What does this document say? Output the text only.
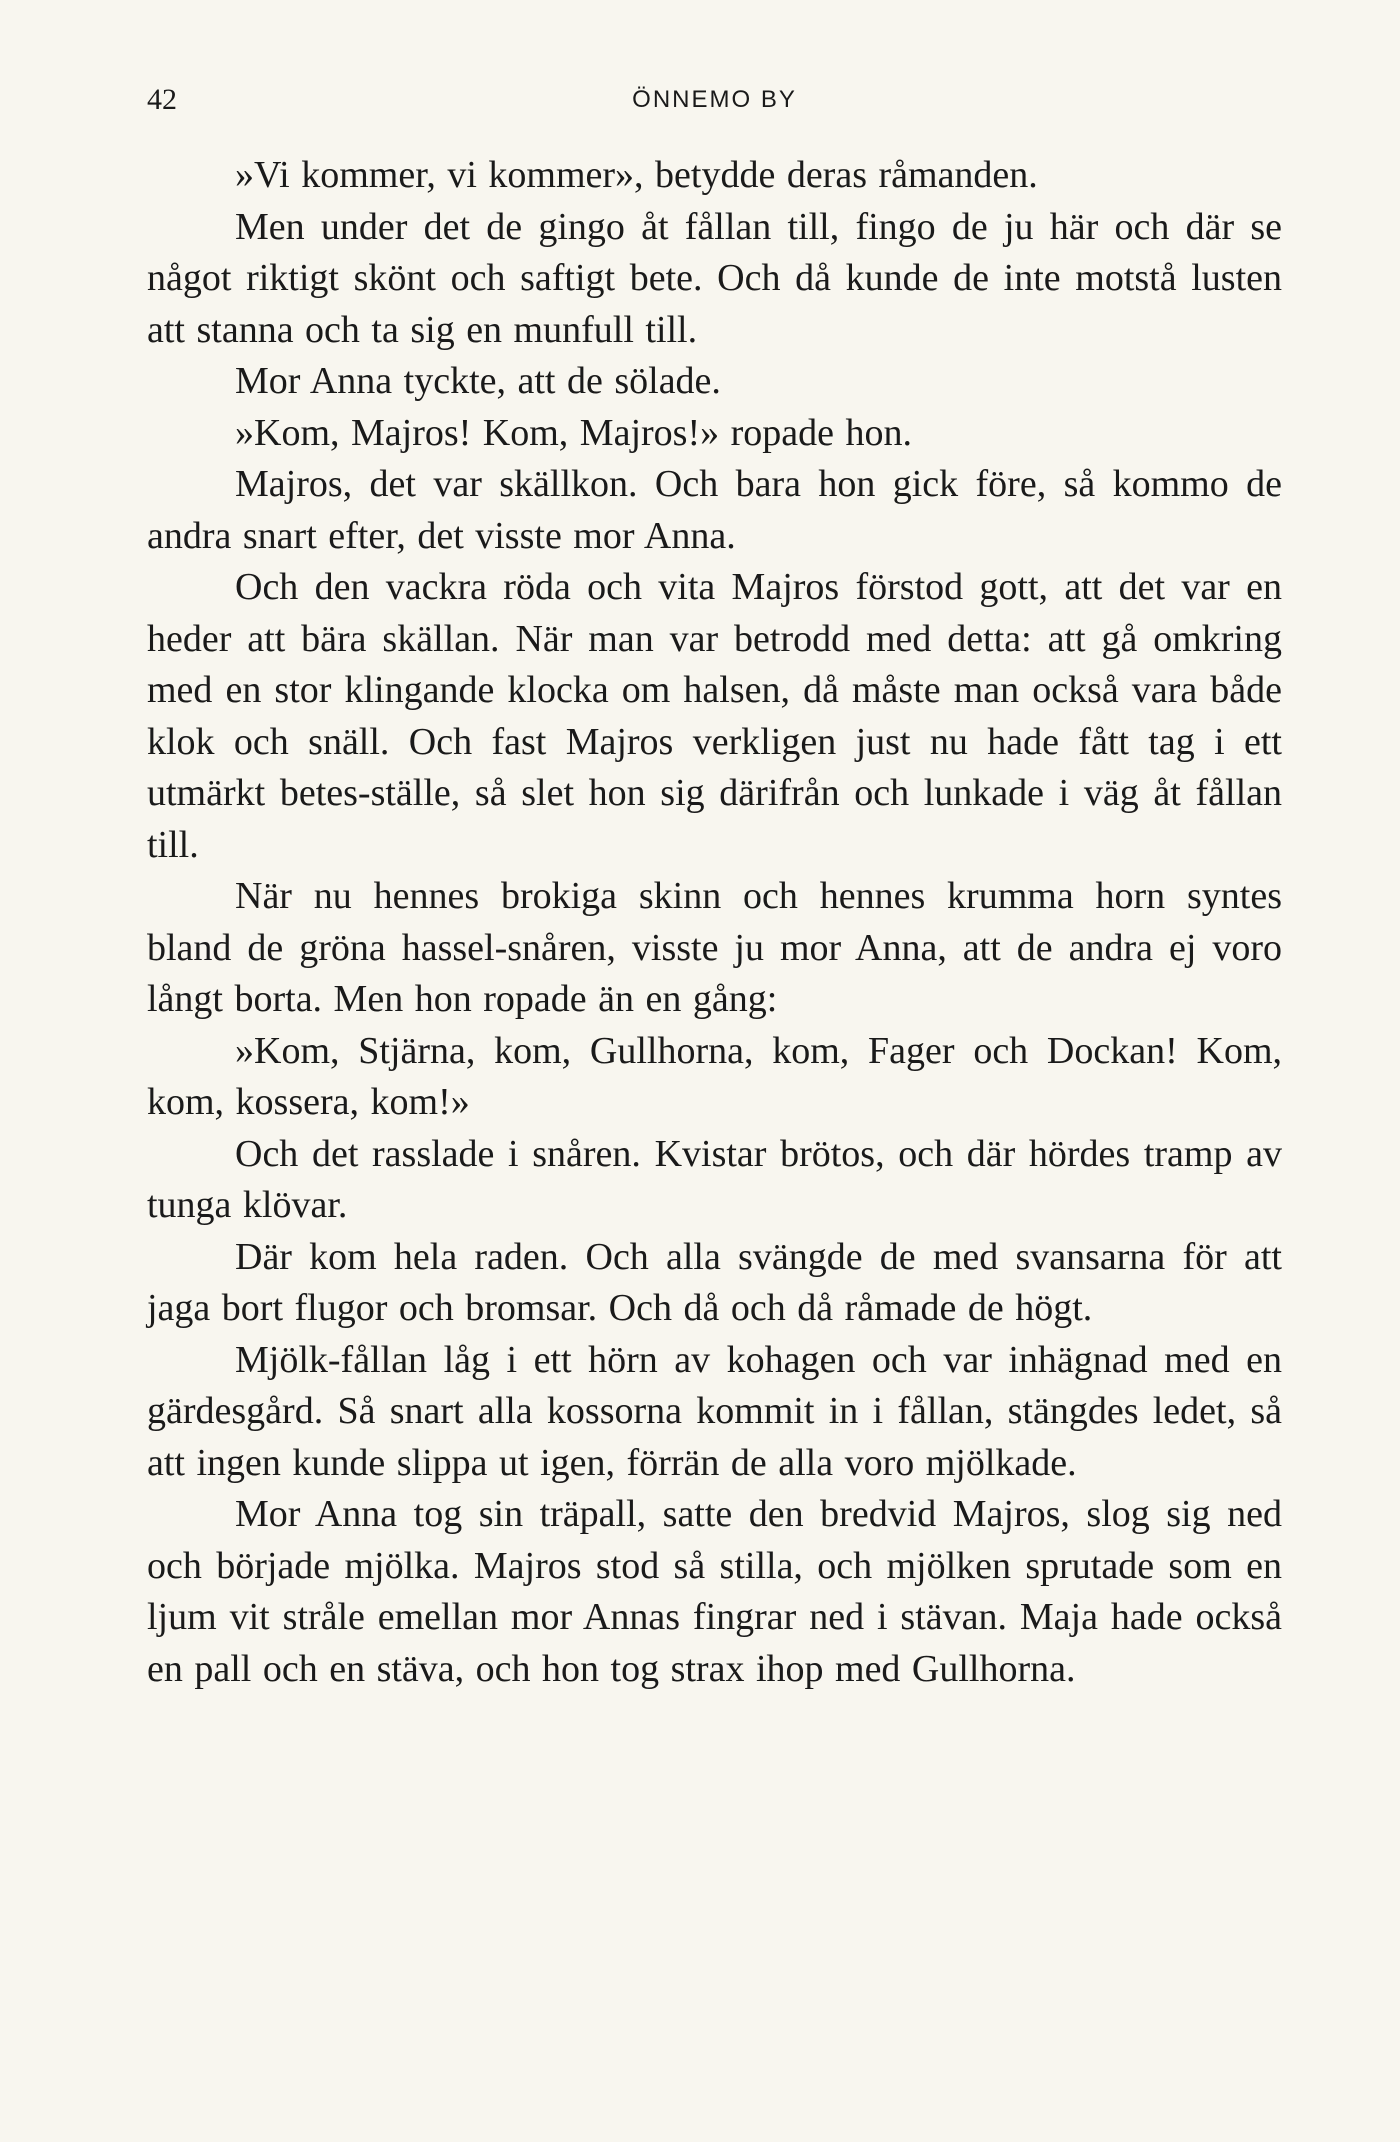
42	ÖNNEMO BY

»Vi kommer, vi kommer», betydde deras råmanden.

Men under det de gingo åt fållan till, fingo de ju här och där se något riktigt skönt och saftigt bete. Och då kunde de inte motstå lusten att stanna och ta sig en munfull till.

Mor Anna tyckte, att de sölade.

»Kom, Majros! Kom, Majros!» ropade hon.

Majros, det var skällkon. Och bara hon gick före, så kommo de andra snart efter, det visste mor Anna.

Och den vackra röda och vita Majros förstod gott, att det var en heder att bära skällan. När man var betrodd med detta: att gå omkring med en stor klingande klocka om halsen, då måste man också vara både klok och snäll. Och fast Majros verkligen just nu hade fått tag i ett utmärkt betes-ställe, så slet hon sig därifrån och lunkade i väg åt fållan till.

När nu hennes brokiga skinn och hennes krumma horn syntes bland de gröna hassel-snåren, visste ju mor Anna, att de andra ej voro långt borta. Men hon ropade än en gång:

»Kom, Stjärna, kom, Gullhorna, kom, Fager och Dockan! Kom, kom, kossera, kom!»

Och det rasslade i snåren. Kvistar brötos, och där hördes tramp av tunga klövar.

Där kom hela raden. Och alla svängde de med svansarna för att jaga bort flugor och bromsar. Och då och då råmade de högt.

Mjölk-fållan låg i ett hörn av kohagen och var inhägnad med en gärdesgård. Så snart alla kossorna kommit in i fållan, stängdes ledet, så att ingen kunde slippa ut igen, förrän de alla voro mjölkade.

Mor Anna tog sin träpall, satte den bredvid Majros, slog sig ned och började mjölka. Majros stod så stilla, och mjölken sprutade som en ljum vit stråle emellan mor Annas fingrar ned i stävan. Maja hade också en pall och en stäva, och hon tog strax ihop med Gullhorna.
